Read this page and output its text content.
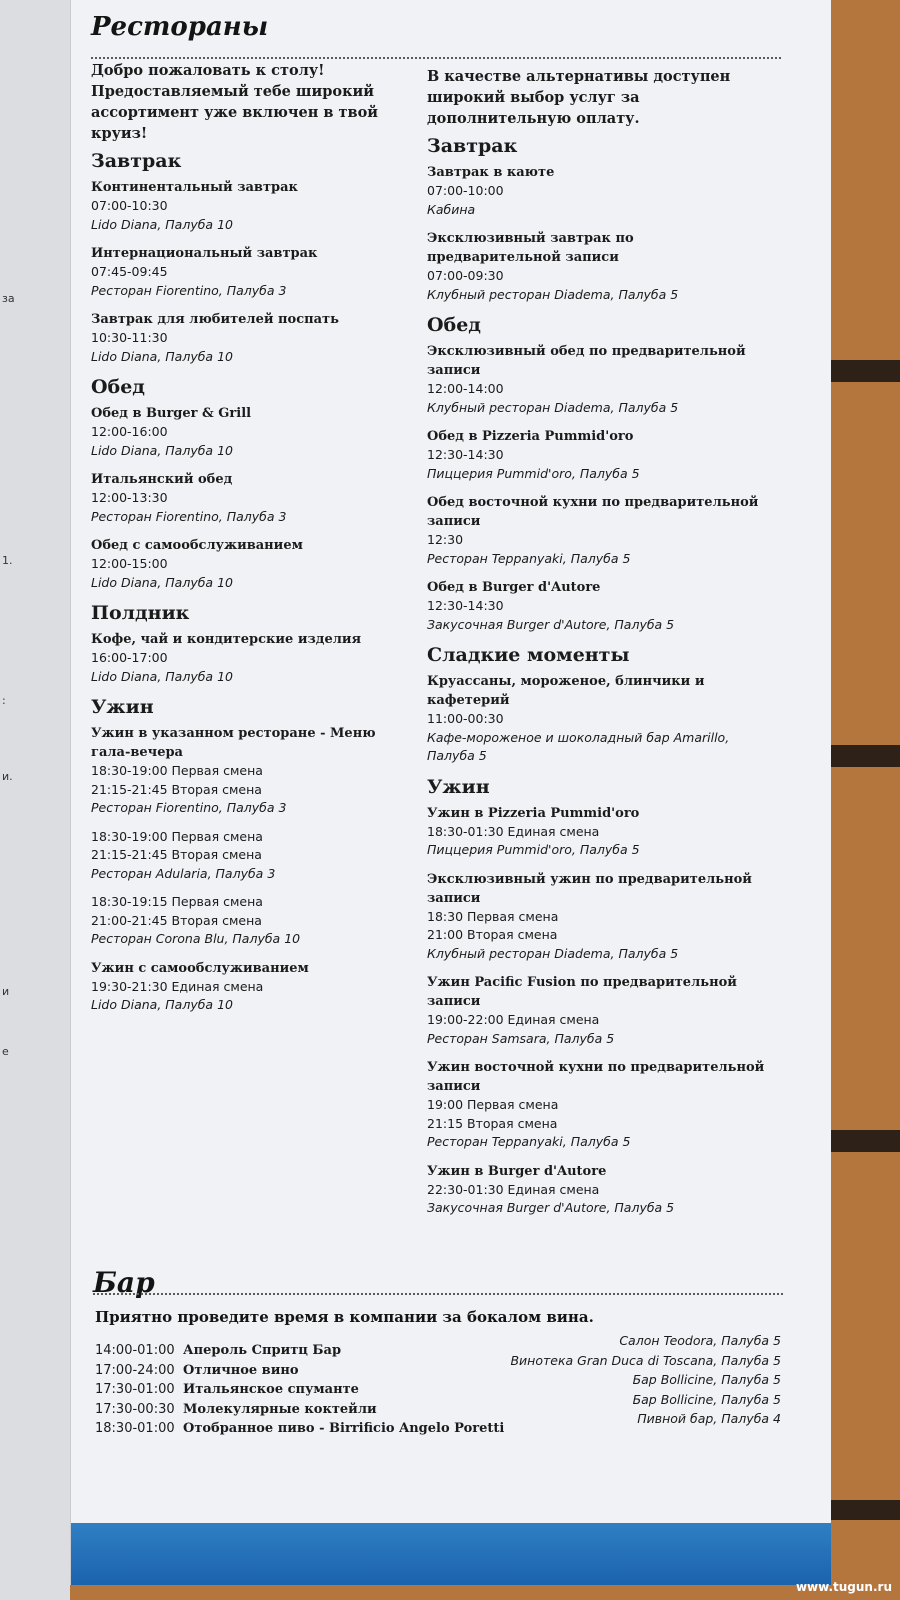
за
1.
:
и.
и
е
Рестораны
Добро пожаловать к столу!Предоставляемый тебе широкий ассортимент уже включен в твой круиз!
Завтрак
Континентальный завтрак
07:00-10:30
Lido Diana, Палуба 10
Интернациональный завтрак
07:45-09:45
Ресторан Fiorentino, Палуба 3
Завтрак для любителей поспать
10:30-11:30
Lido Diana, Палуба 10
Обед
Обед в Burger & Grill
12:00-16:00
Lido Diana, Палуба 10
Итальянский обед
12:00-13:30
Ресторан Fiorentino, Палуба 3
Обед с самообслуживанием
12:00-15:00
Lido Diana, Палуба 10
Полдник
Кофе, чай и кондитерские изделия
16:00-17:00
Lido Diana, Палуба 10
Ужин
Ужин в указанном ресторане - Меню гала-вечера
18:30-19:00 Первая смена
21:15-21:45 Вторая смена
Ресторан Fiorentino, Палуба 3
18:30-19:00 Первая смена
21:15-21:45 Вторая смена
Ресторан Adularia, Палуба 3
18:30-19:15 Первая смена
21:00-21:45 Вторая смена
Ресторан Corona Blu, Палуба 10
Ужин с самообслуживанием
19:30-21:30 Единая смена
Lido Diana, Палуба 10
В качестве альтернативы доступен широкий выбор услуг за дополнительную оплату.
Завтрак
Завтрак в каюте
07:00-10:00
Кабина
Эксклюзивный завтрак по предварительной записи
07:00-09:30
Клубный ресторан Diadema, Палуба 5
Обед
Эксклюзивный обед по предварительной записи
12:00-14:00
Клубный ресторан Diadema, Палуба 5
Обед в Pizzeria Pummid'oro
12:30-14:30
Пиццерия Pummid'oro, Палуба 5
Обед восточной кухни по предварительной записи
12:30
Ресторан Teppanyaki, Палуба 5
Обед в Burger d'Autore
12:30-14:30
Закусочная Burger d'Autore, Палуба 5
Сладкие моменты
Круассаны, мороженое, блинчики и кафетерий
11:00-00:30
Кафе-мороженое и шоколадный бар Amarillo, Палуба 5
Ужин
Ужин в Pizzeria Pummid'oro
18:30-01:30 Единая смена
Пиццерия Pummid'oro, Палуба 5
Эксклюзивный ужин по предварительной записи
18:30 Первая смена
21:00 Вторая смена
Клубный ресторан Diadema, Палуба 5
Ужин Pacific Fusion по предварительной записи
19:00-22:00 Единая смена
Ресторан Samsara, Палуба 5
Ужин восточной кухни по предварительной записи
19:00 Первая смена
21:15 Вторая смена
Ресторан Teppanyaki, Палуба 5
Ужин в Burger d'Autore
22:30-01:30 Единая смена
Закусочная Burger d'Autore, Палуба 5
Бар
Приятно проведите время в компании за бокалом вина.
14:00-01:00 Апероль Спритц Бар
17:00-24:00 Отличное вино
17:30-01:00 Итальянское спуманте
17:30-00:30 Молекулярные коктейли
18:30-01:00 Отобранное пиво - Birrificio Angelo Poretti
Салон Teodora, Палуба 5
Винотека Gran Duca di Toscana, Палуба 5
Бар Bollicine, Палуба 5
Бар Bollicine, Палуба 5
Пивной бар, Палуба 4
www.tugun.ru
